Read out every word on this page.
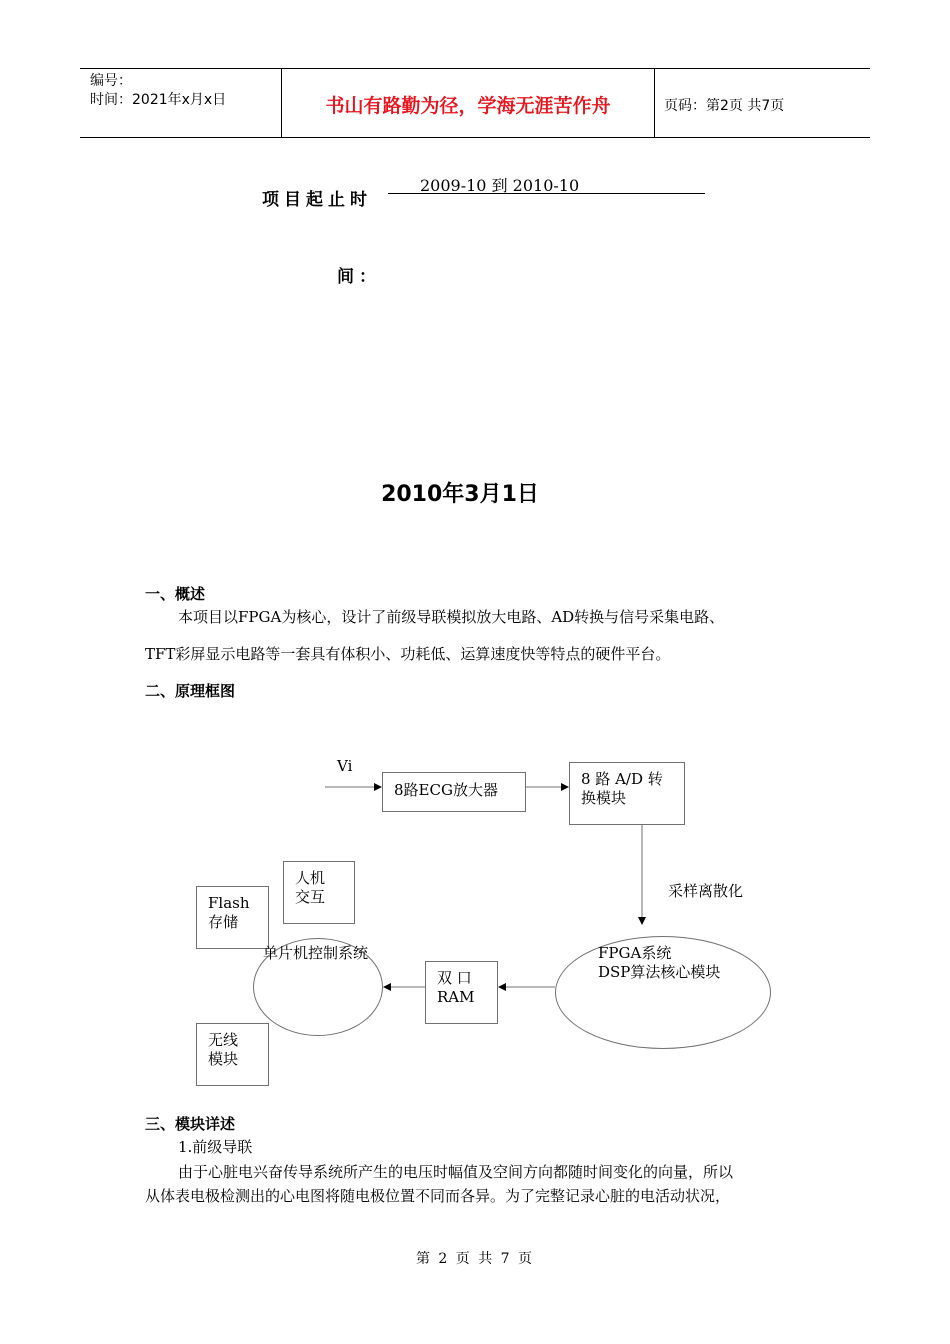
编号：
时间：2021年x月x日	书山有路勤为径，学海无涯苦作舟	页码：第2页 共7页
项目起止时
间：
2009-10 到 2010-10
2010年3月1日
一、概述
本项目以FPGA为核心，设计了前级导联模拟放大电路、AD转换与信号采集电路、
TFT彩屏显示电路等一套具有体积小、功耗低、运算速度快等特点的硬件平台。
二、原理框图
Vi
8路ECG放大器
8 路 A/D 转
换模块
采样离散化
人机
交互
Flash
存储
单片机控制系统
双 口
RAM
FPGA系统
DSP算法核心模块
无线
模块
三、模块详述
1.前级导联
由于心脏电兴奋传导系统所产生的电压时幅值及空间方向都随时间变化的向量，所以
从体表电极检测出的心电图将随电极位置不同而各异。为了完整记录心脏的电活动状况，
第 2 页 共 7 页
